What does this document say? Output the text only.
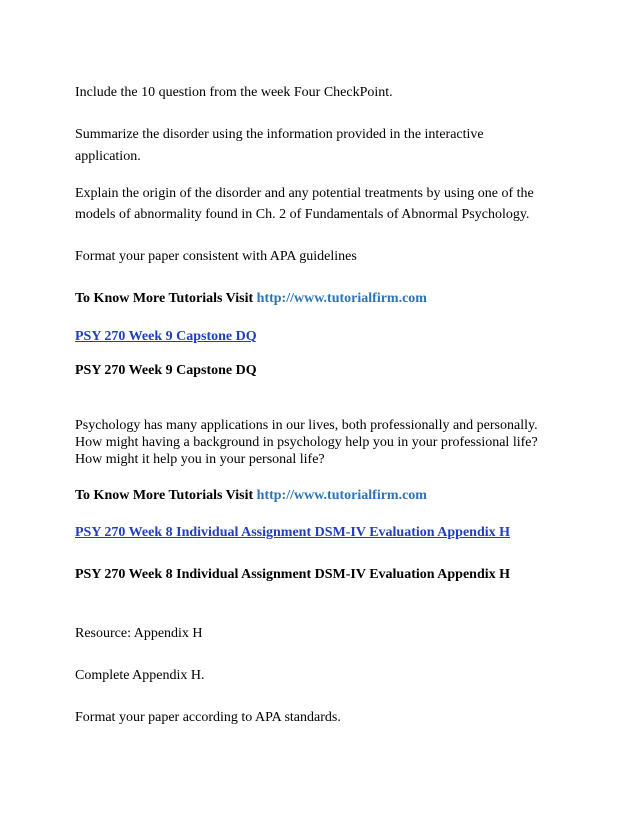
Include the 10 question from the week Four CheckPoint.

Summarize the disorder using the information provided in the interactive

application.

Explain the origin of the disorder and any potential treatments by using one of the

models of abnormality found in Ch. 2 of Fundamentals of Abnormal Psychology.

Format your paper consistent with APA guidelines

To Know More Tutorials Visit http://www.tutorialfirm.com

PSY 270 Week 9 Capstone DQ

PSY 270 Week 9 Capstone DQ

Psychology has many applications in our lives, both professionally and personally.

How might having a background in psychology help you in your professional life?

How might it help you in your personal life?

To Know More Tutorials Visit http://www.tutorialfirm.com

PSY 270 Week 8 Individual Assignment DSM-IV Evaluation Appendix H

PSY 270 Week 8 Individual Assignment DSM-IV Evaluation Appendix H

Resource: Appendix H

Complete Appendix H.

Format your paper according to APA standards.
